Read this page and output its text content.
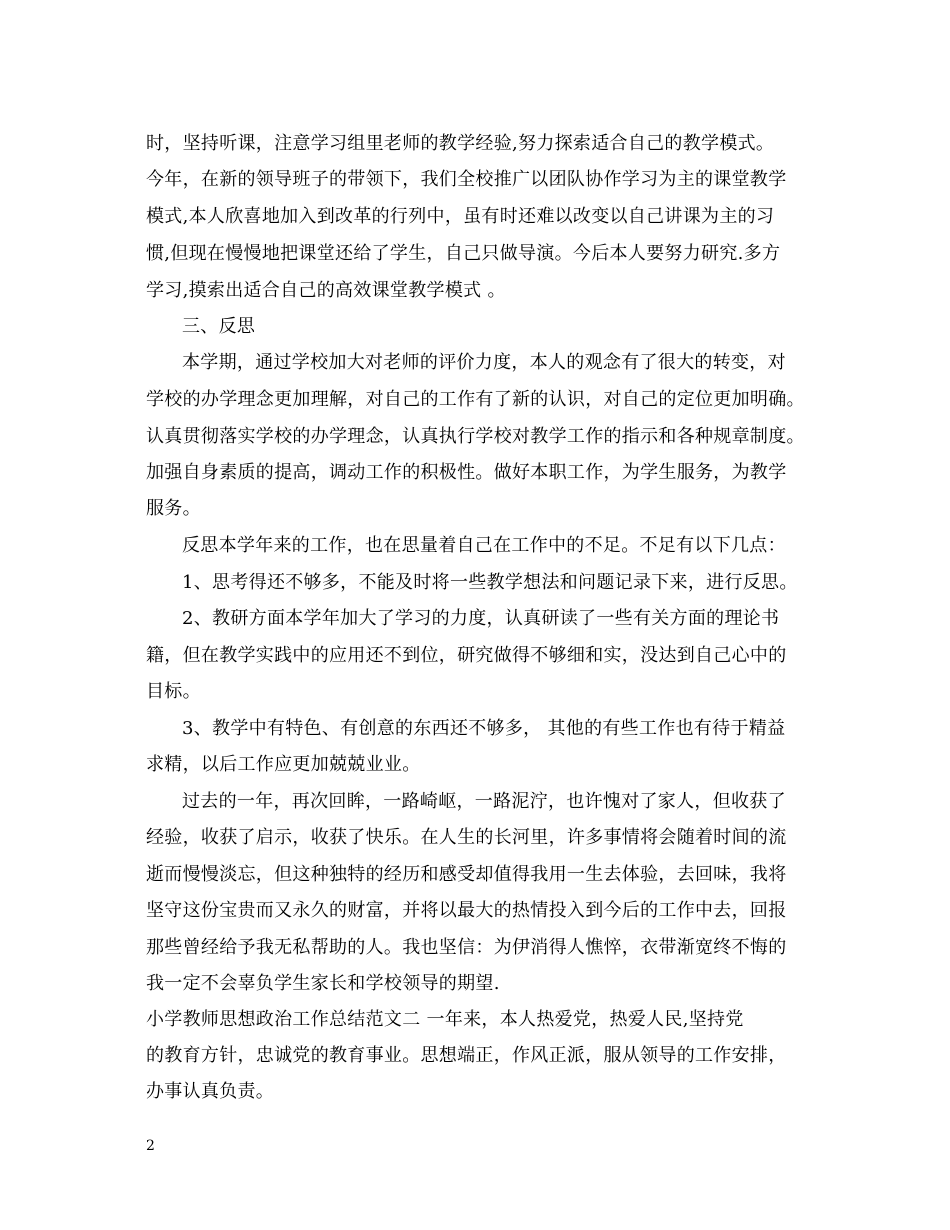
时，坚持听课，注意学习组里老师的教学经验,努力探索适合自己的教学模式。
今年，在新的领导班子的带领下，我们全校推广以团队协作学习为主的课堂教学
模式,本人欣喜地加入到改革的行列中，虽有时还难以改变以自己讲课为主的习
惯,但现在慢慢地把课堂还给了学生，自己只做导演。今后本人要努力研究.多方
学习,摸索出适合自己的高效课堂教学模式 。
三、反思
本学期，通过学校加大对老师的评价力度，本人的观念有了很大的转变，对
学校的办学理念更加理解，对自己的工作有了新的认识，对自己的定位更加明确。
认真贯彻落实学校的办学理念，认真执行学校对教学工作的指示和各种规章制度。
加强自身素质的提高，调动工作的积极性。做好本职工作，为学生服务，为教学
服务。
反思本学年来的工作，也在思量着自己在工作中的不足。不足有以下几点：
1、思考得还不够多，不能及时将一些教学想法和问题记录下来，进行反思。
2、教研方面本学年加大了学习的力度，认真研读了一些有关方面的理论书
籍，但在教学实践中的应用还不到位，研究做得不够细和实，没达到自己心中的
目标。
3、教学中有特色、有创意的东西还不够多， 其他的有些工作也有待于精益
求精，以后工作应更加兢兢业业。
过去的一年，再次回眸，一路崎岖，一路泥泞，也许愧对了家人，但收获了
经验，收获了启示，收获了快乐。在人生的长河里，许多事情将会随着时间的流
逝而慢慢淡忘，但这种独特的经历和感受却值得我用一生去体验，去回味，我将
坚守这份宝贵而又永久的财富，并将以最大的热情投入到今后的工作中去，回报
那些曾经给予我无私帮助的人。我也坚信：为伊消得人憔悴，衣带渐宽终不悔的
我一定不会辜负学生家长和学校领导的期望.
小学教师思想政治工作总结范文二 一年来，本人热爱党，热爱人民,坚持党
的教育方针，忠诚党的教育事业。思想端正，作风正派，服从领导的工作安排，
办事认真负责。
2
